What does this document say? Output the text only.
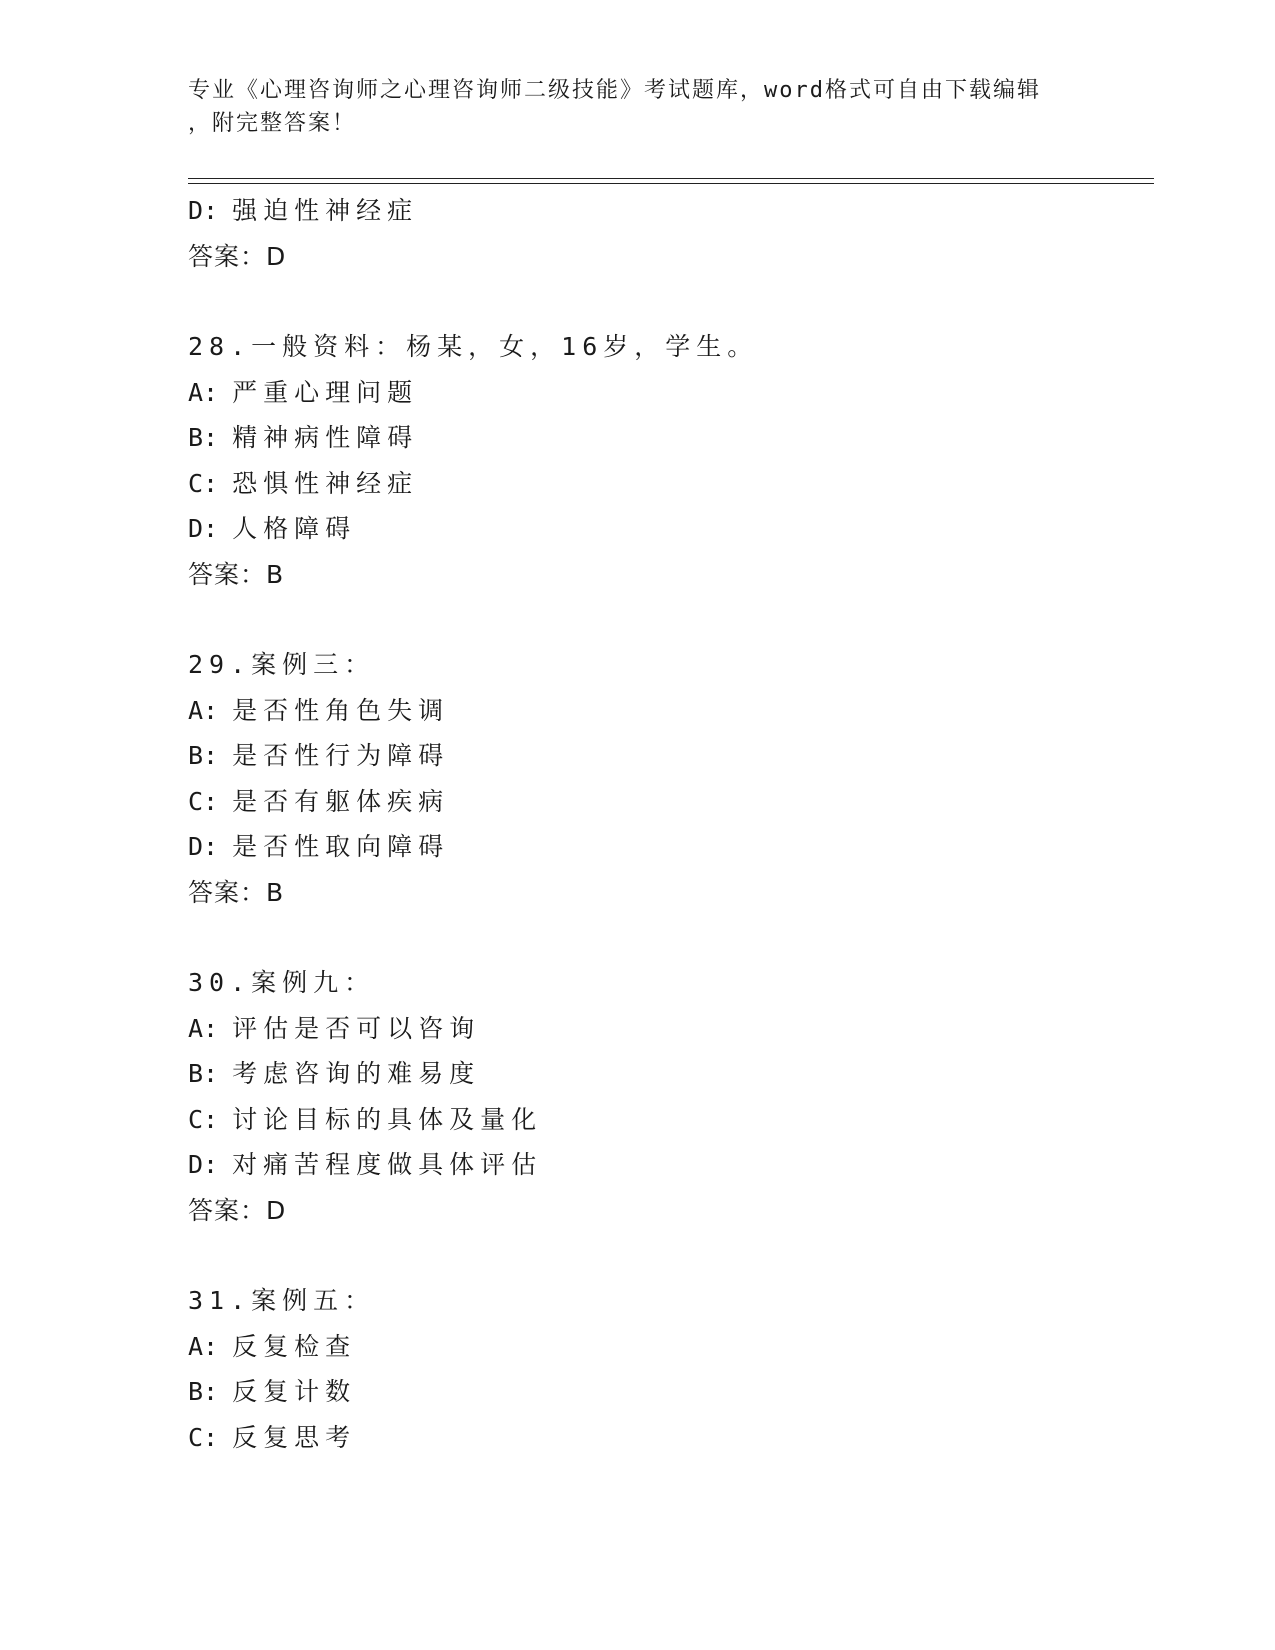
专业《心理咨询师之心理咨询师二级技能》考试题库，word格式可自由下载编辑
，附完整答案！
D: 强迫性神经症
答案：D
28.一般资料：杨某，女，16岁，学生。
A: 严重心理问题
B: 精神病性障碍
C: 恐惧性神经症
D: 人格障碍
答案：B
29.案例三：
A: 是否性角色失调
B: 是否性行为障碍
C: 是否有躯体疾病
D: 是否性取向障碍
答案：B
30.案例九：
A: 评估是否可以咨询
B: 考虑咨询的难易度
C: 讨论目标的具体及量化
D: 对痛苦程度做具体评估
答案：D
31.案例五：
A: 反复检查
B: 反复计数
C: 反复思考
